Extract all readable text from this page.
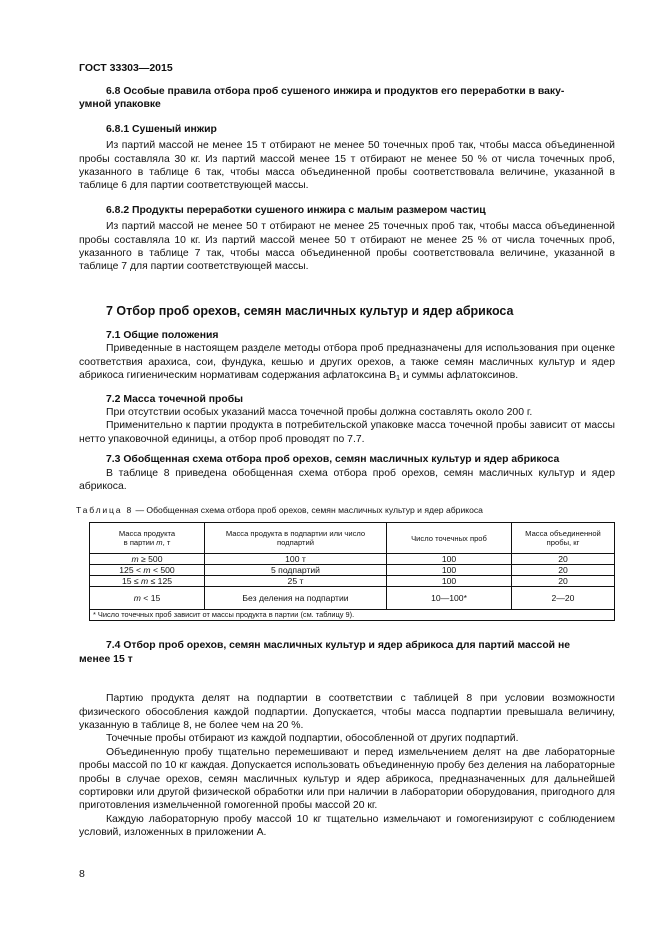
ГОСТ 33303—2015
6.8 Особые правила отбора проб сушеного инжира и продуктов его переработки в ваку-
умной упаковке
6.8.1 Сушеный инжир

Из партий массой не менее 15 т отбирают не менее 50 точечных проб так, чтобы масса объединенной пробы составляла 30 кг. Из партий массой менее 15 т отбирают не менее 50 % от числа точечных проб, указанного в таблице 6 так, чтобы масса объединенной пробы соответствовала величине, указанной в таблице 6 для партии соответствующей массы.

6.8.2 Продукты переработки сушеного инжира с малым размером частиц

Из партий массой не менее 50 т отбирают не менее 25 точечных проб так, чтобы масса объединенной пробы составляла 10 кг. Из партий массой менее 50 т отбирают не менее 25 % от числа точечных проб, указанного в таблице 7 так, чтобы масса объединенной пробы соответствовала величине, указанной в таблице 7 для партии соответствующей массы.

7 Отбор проб орехов, семян масличных культур и ядер абрикоса
7.1 Общие положения

Приведенные в настоящем разделе методы отбора проб предназначены для использования при оценке соответствия арахиса, сои, фундука, кешью и других орехов, а также семян масличных культур и ядер абрикоса гигиеническим нормативам содержания афлатоксина $В_1$ и суммы афлатоксинов.

7.2 Масса точечной пробы

При отсутствии особых указаний масса точечной пробы должна составлять около 200 г.

Применительно к партии продукта в потребительской упаковке масса точечной пробы зависит от массы нетто упаковочной единицы, а отбор проб проводят по 7.7.

7.3 Обобщенная схема отбора проб орехов, семян масличных культур и ядер абрикоса

В таблице 8 приведена обобщенная схема отбора проб орехов, семян масличных культур и ядер абрикоса.

Таблица 8 — Обобщенная схема отбора проб орехов, семян масличных культур и ядер абрикоса
Масса продукта
в партии m, т	Масса продукта в подпартии или число подпартий	Число точечных проб	Масса объединенной пробы, кг
m ≥ 500	100 т	100	20
125 < m < 500	5 подпартий	100	20
15 ≤ m ≤ 125	25 т	100	20
m < 15	Без деления на подпартии	10—100*	2—20
* Число точечных проб зависит от массы продукта в партии (см. таблицу 9).			
7.4 Отбор проб орехов, семян масличных культур и ядер абрикоса для партий массой не
менее 15 т

Партию продукта делят на подпартии в соответствии с таблицей 8 при условии возможности физического обособления каждой подпартии. Допускается, чтобы масса подпартии превышала величину, указанную в таблице 8, не более чем на 20 %.

Точечные пробы отбирают из каждой подпартии, обособленной от других подпартий.

Объединенную пробу тщательно перемешивают и перед измельчением делят на две лабораторные пробы массой по 10 кг каждая. Допускается использовать объединенную пробу без деления на лабораторные пробы в случае орехов, семян масличных культур и ядер абрикоса, предназначенных для дальнейшей сортировки или другой физической обработки или при наличии в лаборатории оборудования, пригодного для приготовления измельченной гомогенной пробы массой 20 кг.

Каждую лабораторную пробу массой 10 кг тщательно измельчают и гомогенизируют с соблюдением условий, изложенных в приложении А.

8
